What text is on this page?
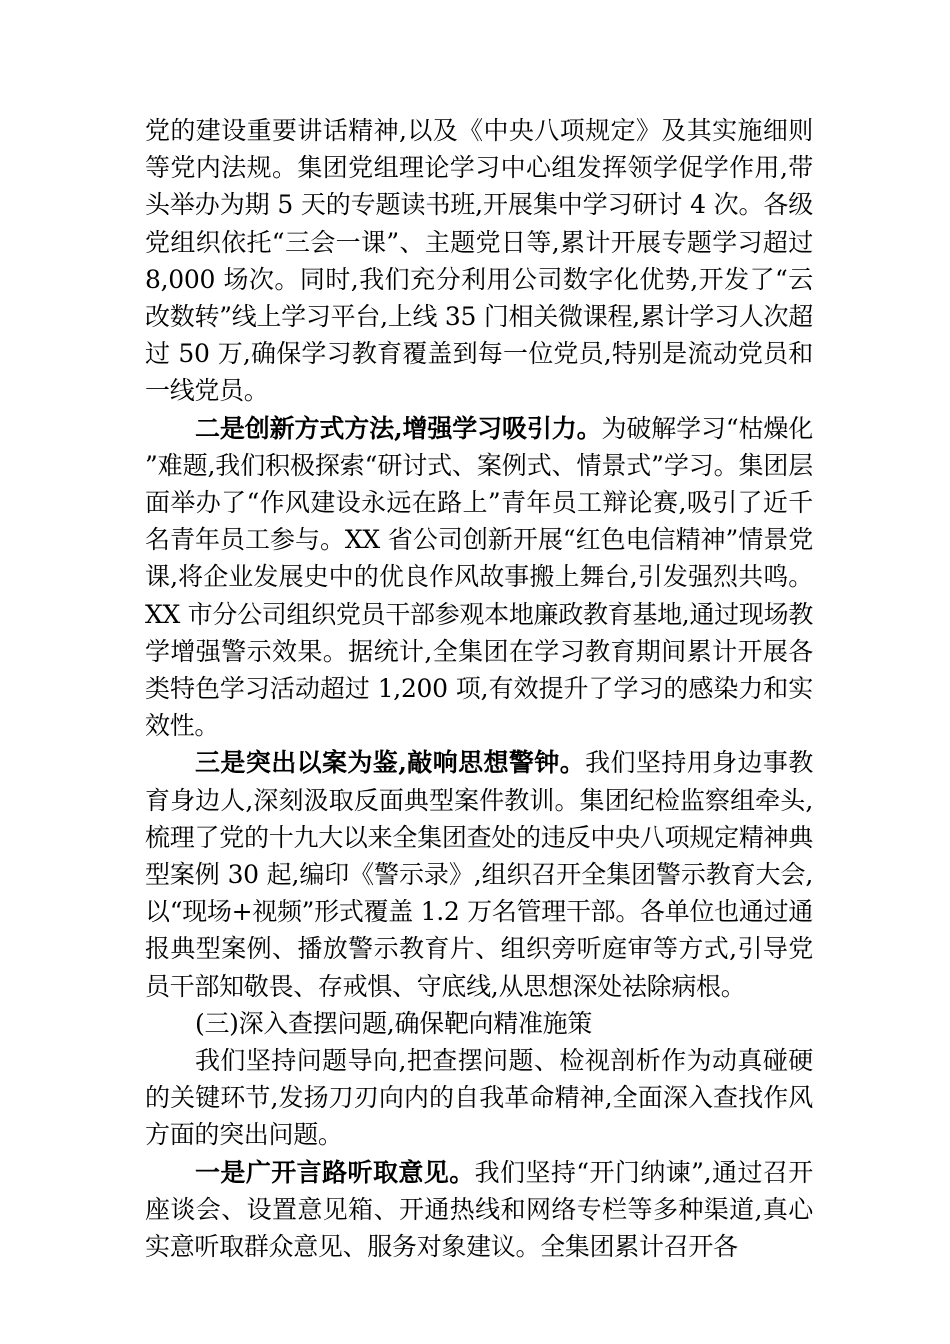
党的建设重要讲话精神,以及《中央八项规定》及其实施细则等党内法规。集团党组理论学习中心组发挥领学促学作用,带头举办为期 5 天的专题读书班,开展集中学习研讨 4 次。各级党组织依托“三会一课”、主题党日等,累计开展专题学习超过 8,000 场次。同时,我们充分利用公司数字化优势,开发了“云改数转”线上学习平台,上线 35 门相关微课程,累计学习人次超过 50 万,确保学习教育覆盖到每一位党员,特别是流动党员和一线党员。

二是创新方式方法,增强学习吸引力。为破解学习“枯燥化”难题,我们积极探索“研讨式、案例式、情景式”学习。集团层面举办了“作风建设永远在路上”青年员工辩论赛,吸引了近千名青年员工参与。XX 省公司创新开展“红色电信精神”情景党课,将企业发展史中的优良作风故事搬上舞台,引发强烈共鸣。XX 市分公司组织党员干部参观本地廉政教育基地,通过现场教学增强警示效果。据统计,全集团在学习教育期间累计开展各类特色学习活动超过 1,200 项,有效提升了学习的感染力和实效性。

三是突出以案为鉴,敲响思想警钟。我们坚持用身边事教育身边人,深刻汲取反面典型案件教训。集团纪检监察组牵头,梳理了党的十九大以来全集团查处的违反中央八项规定精神典型案例 30 起,编印《警示录》,组织召开全集团警示教育大会,以“现场+视频”形式覆盖 1.2 万名管理干部。各单位也通过通报典型案例、播放警示教育片、组织旁听庭审等方式,引导党员干部知敬畏、存戒惧、守底线,从思想深处祛除病根。

(三)深入查摆问题,确保靶向精准施策

我们坚持问题导向,把查摆问题、检视剖析作为动真碰硬的关键环节,发扬刀刃向内的自我革命精神,全面深入查找作风方面的突出问题。

一是广开言路听取意见。我们坚持“开门纳谏”,通过召开座谈会、设置意见箱、开通热线和网络专栏等多种渠道,真心实意听取群众意见、服务对象建议。全集团累计召开各
